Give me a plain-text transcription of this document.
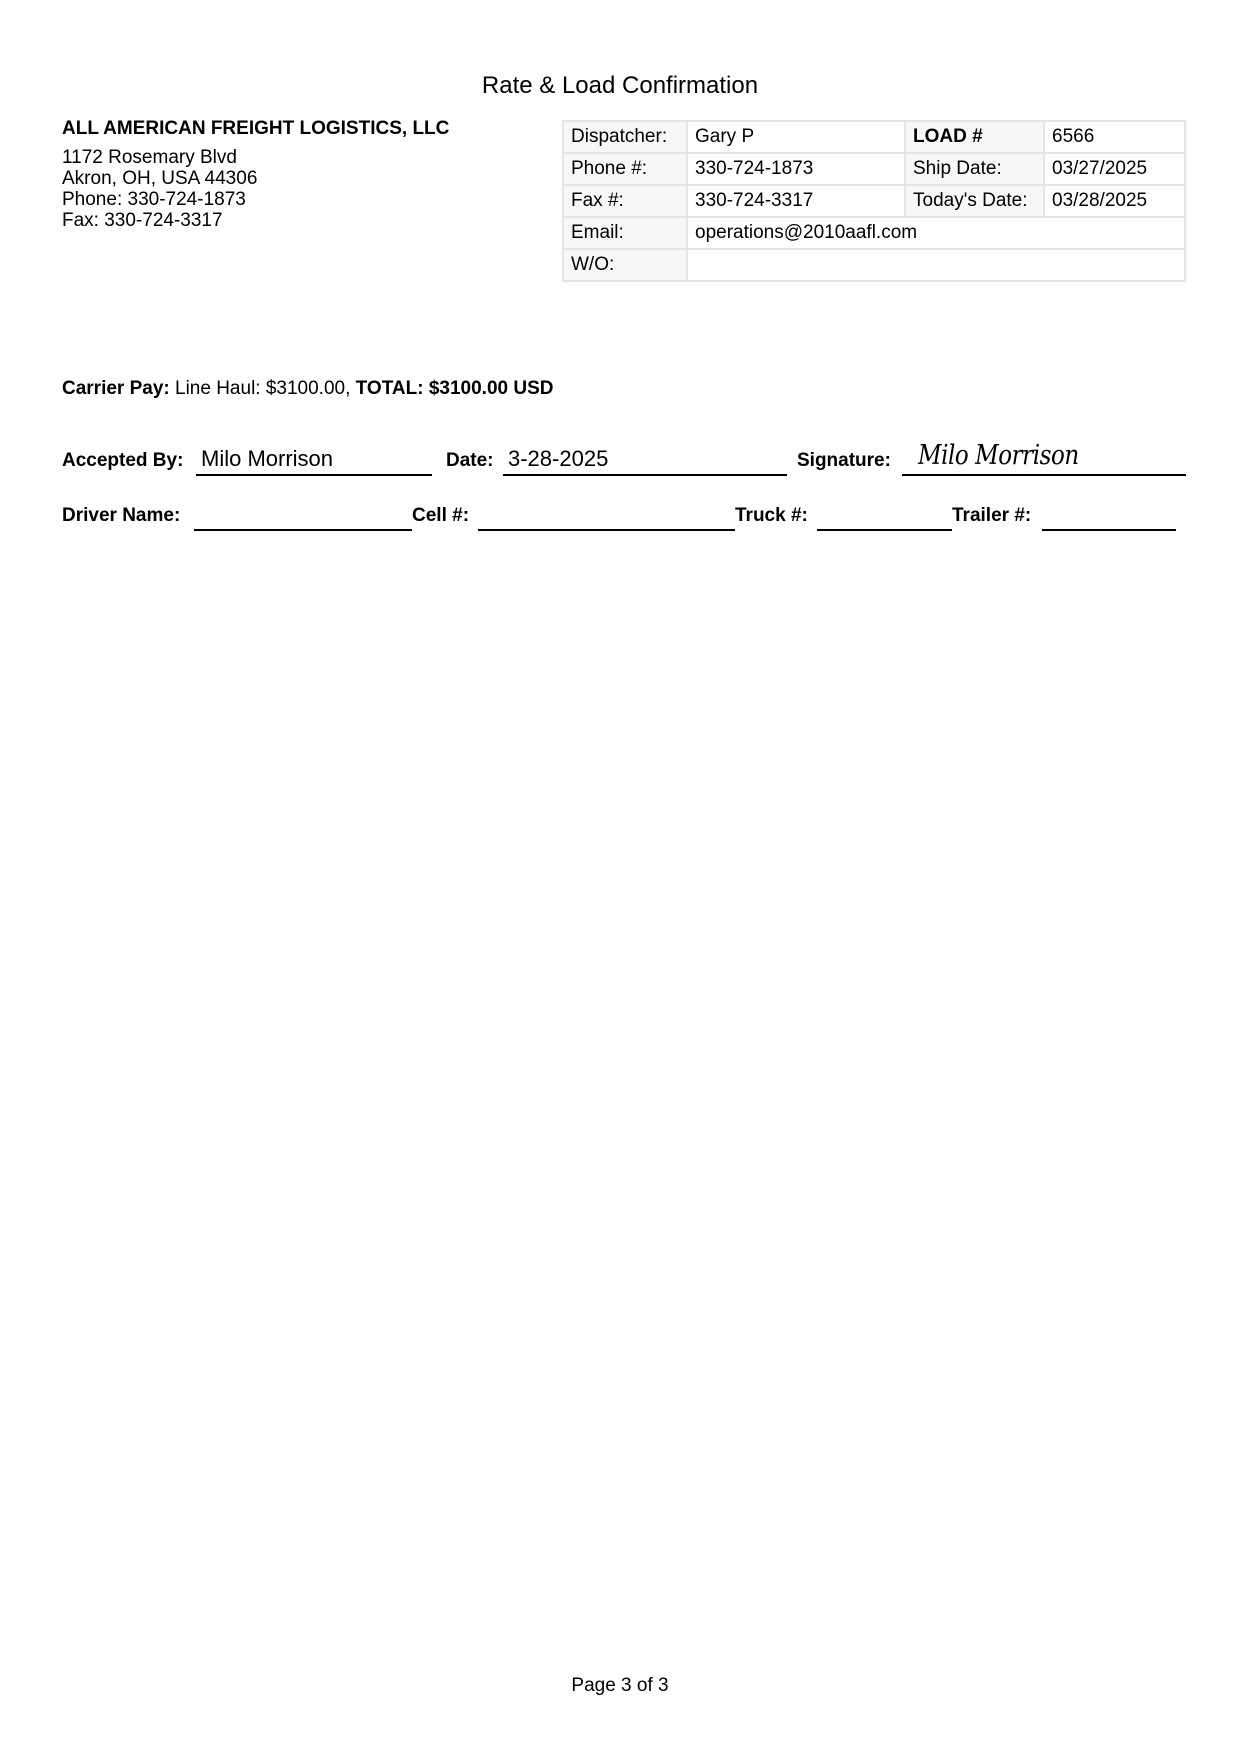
Rate & Load Confirmation
ALL AMERICAN FREIGHT LOGISTICS, LLC
1172 Rosemary Blvd
Akron, OH, USA 44306
Phone: 330-724-1873
Fax: 330-724-3317
Dispatcher:	Gary P	LOAD #	6566
Phone #:	330-724-1873	Ship Date:	03/27/2025
Fax #:	330-724-3317	Today's Date:	03/28/2025
Email:	operations@2010aafl.com		
W/O:			
Carrier Pay: Line Haul: $3100.00, TOTAL: $3100.00 USD
Accepted By: Milo Morrison	Date: 3-28-2025	Signature: Milo Morrison
Driver Name:	Cell #:	Truck #:	Trailer #:
Page 3 of 3
